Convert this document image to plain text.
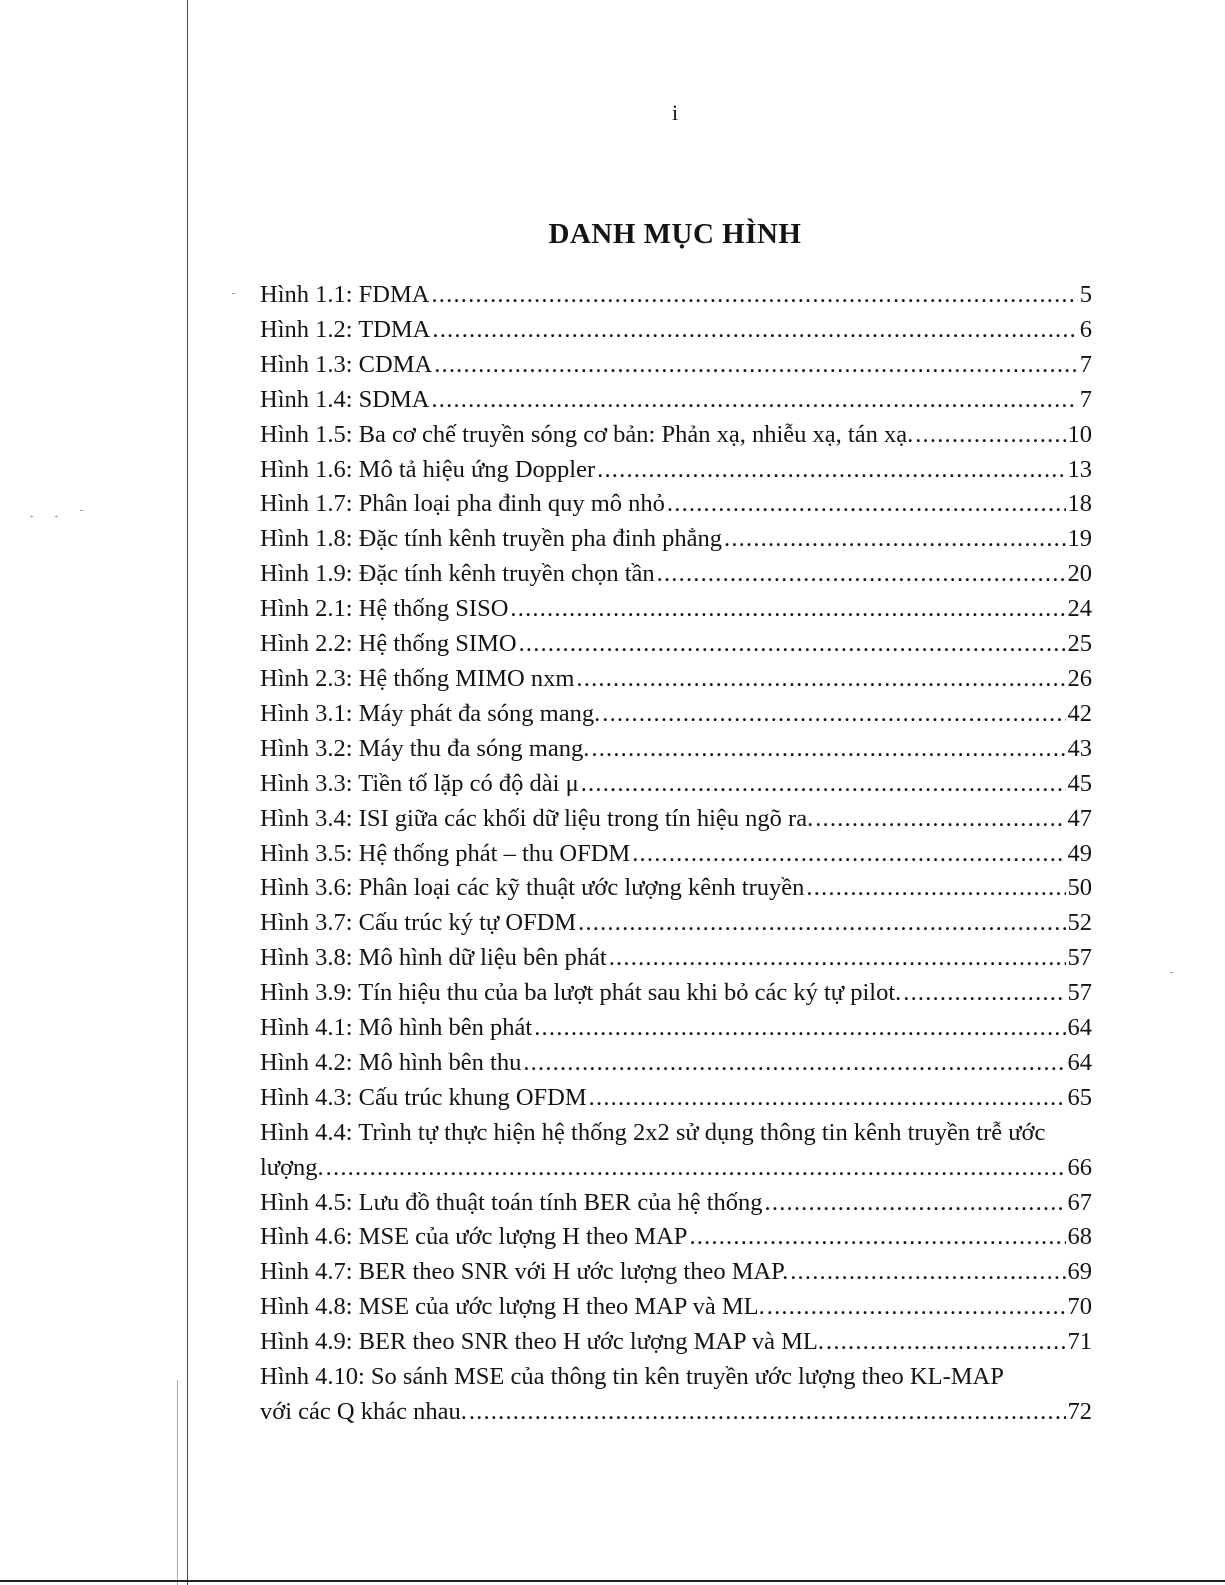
i
DANH MỤC HÌNH
Hình 1.1: FDMA .....	5
Hình 1.2: TDMA .....	6
Hình 1.3: CDMA .....	7
Hình 1.4: SDMA .....	7
Hình 1.5: Ba cơ chế truyền sóng cơ bản: Phản xạ, nhiễu xạ, tán xạ. .....	10
Hình 1.6: Mô tả hiệu ứng Doppler .....	13
Hình 1.7: Phân loại pha đinh quy mô nhỏ .....	18
Hình 1.8: Đặc tính kênh truyền pha đinh phẳng .....	19
Hình 1.9: Đặc tính kênh truyền chọn tần .....	20
Hình 2.1: Hệ thống SISO .....	24
Hình 2.2: Hệ thống SIMO .....	25
Hình 2.3: Hệ thống MIMO nxm .....	26
Hình 3.1: Máy phát đa sóng mang. .....	42
Hình 3.2: Máy thu đa sóng mang. .....	43
Hình 3.3: Tiền tố lặp có độ dài μ .....	45
Hình 3.4: ISI giữa các khối dữ liệu trong tín hiệu ngõ ra. .....	47
Hình 3.5: Hệ thống phát – thu OFDM .....	49
Hình 3.6: Phân loại các kỹ thuật ước lượng kênh truyền .....	50
Hình 3.7: Cấu trúc ký tự OFDM .....	52
Hình 3.8: Mô hình dữ liệu bên phát .....	57
Hình 3.9: Tín hiệu thu của ba lượt phát sau khi bỏ các ký tự pilot. .....	57
Hình 4.1: Mô hình bên phát .....	64
Hình 4.2: Mô hình bên thu .....	64
Hình 4.3: Cấu trúc khung OFDM .....	65
Hình 4.4: Trình tự thực hiện hệ thống 2x2 sử dụng thông tin kênh truyền trễ ước
lượng. .....	66
Hình 4.5: Lưu đồ thuật toán tính BER của hệ thống .....	67
Hình 4.6: MSE của ước lượng H theo MAP .....	68
Hình 4.7: BER theo SNR với H ước lượng theo MAP. .....	69
Hình 4.8: MSE của ước lượng H theo MAP và ML. .....	70
Hình 4.9: BER theo SNR theo H ước lượng MAP và ML. .....	71
Hình 4.10: So sánh MSE của thông tin kên truyền ước lượng theo KL-MAP
với các Q khác nhau. .....	72
